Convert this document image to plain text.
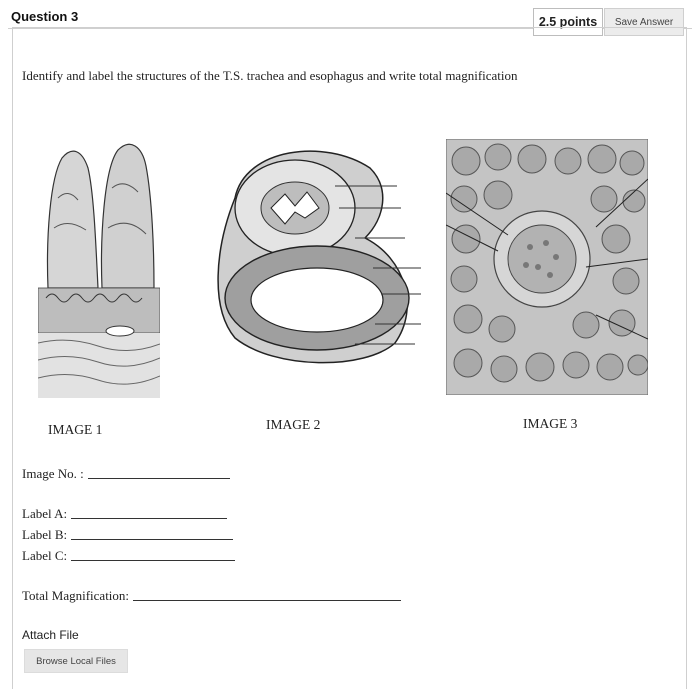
Question 3	2.5 points	Save Answer
Identify and label the structures of the T.S. trachea and esophagus and write total magnification
IMAGE 1	IMAGE 2	IMAGE 3
Image No. :
Label A:
Label B:
Label C:
Total Magnification:
Attach File
Browse Local Files
